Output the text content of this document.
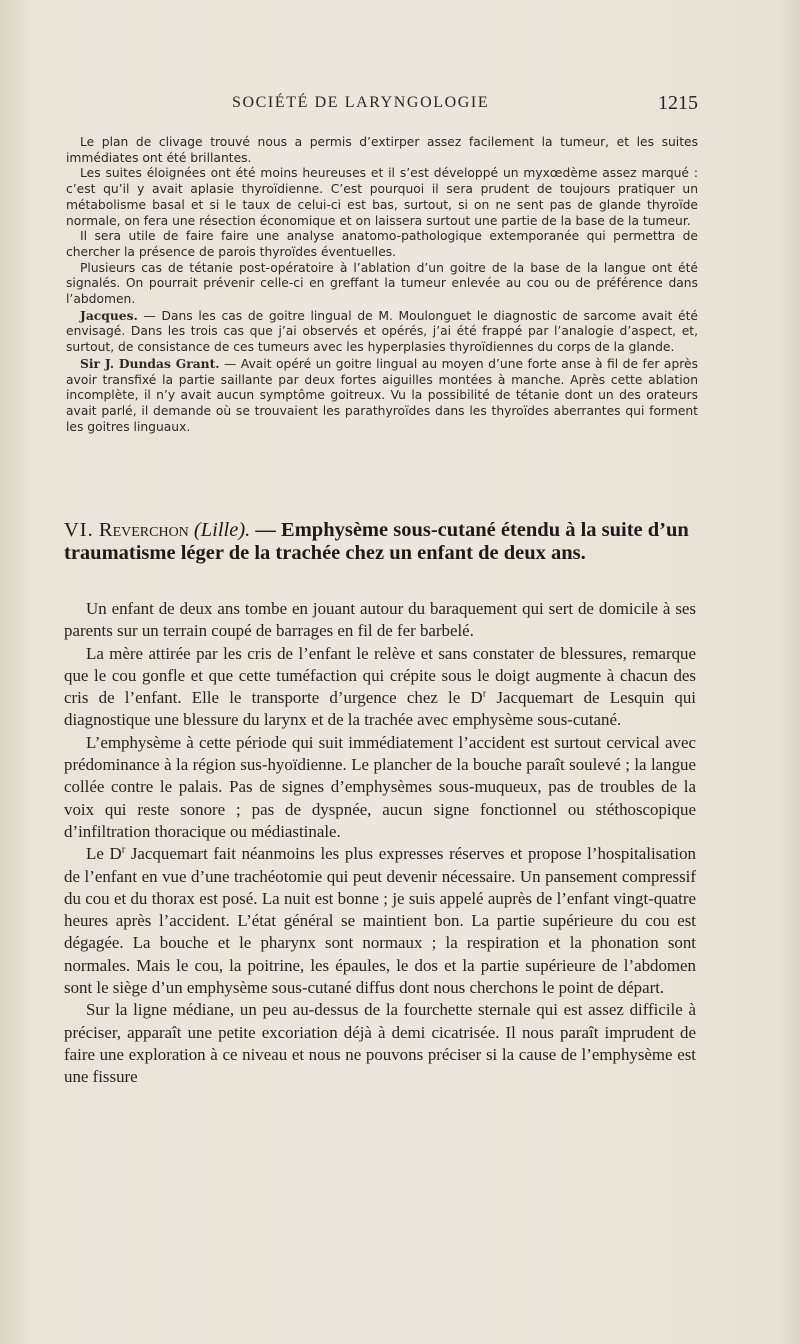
SOCIÉTÉ DE LARYNGOLOGIE	1215

Le plan de clivage trouvé nous a permis d’extirper assez facilement la tumeur, et les suites immédiates ont été brillantes.

Les suites éloignées ont été moins heureuses et il s’est développé un myxœdème assez marqué : c’est qu’il y avait aplasie thyroïdienne. C’est pourquoi il sera prudent de toujours pratiquer un métabolisme basal et si le taux de celui-ci est bas, surtout, si on ne sent pas de glande thyroïde normale, on fera une résection économique et on laissera surtout une partie de la base de la tumeur.

Il sera utile de faire faire une analyse anatomo-pathologique extemporanée qui permettra de chercher la présence de parois thyroïdes éventuelles.

Plusieurs cas de tétanie post-opératoire à l’ablation d’un goitre de la base de la langue ont été signalés. On pourrait prévenir celle-ci en greffant la tumeur enlevée au cou ou de préférence dans l’abdomen.

Jacques. — Dans les cas de goitre lingual de M. Moulonguet le diagnostic de sarcome avait été envisagé. Dans les trois cas que j’ai observés et opérés, j’ai été frappé par l’analogie d’aspect, et, surtout, de consistance de ces tumeurs avec les hyperplasies thyroïdiennes du corps de la glande.

Sir J. Dundas Grant. — Avait opéré un goitre lingual au moyen d’une forte anse à fil de fer après avoir transfixé la partie saillante par deux fortes aiguilles montées à manche. Après cette ablation incomplète, il n’y avait aucun symptôme goitreux. Vu la possibilité de tétanie dont un des orateurs avait parlé, il demande où se trouvaient les parathyroïdes dans les thyroïdes aberrantes qui forment les goitres linguaux.

VI. Reverchon (Lille). — Emphysème sous-cutané étendu à la suite d’un traumatisme léger de la trachée chez un enfant de deux ans.

Un enfant de deux ans tombe en jouant autour du baraquement qui sert de domicile à ses parents sur un terrain coupé de barrages en fil de fer barbelé.

La mère attirée par les cris de l’enfant le relève et sans constater de blessures, remarque que le cou gonfle et que cette tuméfaction qui crépite sous le doigt augmente à chacun des cris de l’enfant. Elle le transporte d’urgence chez le $D^r$ Jacquemart de Lesquin qui diagnostique une blessure du larynx et de la trachée avec emphysème sous-cutané.

L’emphysème à cette période qui suit immédiatement l’accident est surtout cervical avec prédominance à la région sus-hyoïdienne. Le plancher de la bouche paraît soulevé ; la langue collée contre le palais. Pas de signes d’emphysèmes sous-muqueux, pas de troubles de la voix qui reste sonore ; pas de dyspnée, aucun signe fonctionnel ou stéthoscopique d’infiltration thoracique ou médiastinale.

Le $D^r$ Jacquemart fait néanmoins les plus expresses réserves et propose l’hospitalisation de l’enfant en vue d’une trachéotomie qui peut devenir nécessaire. Un pansement compressif du cou et du thorax est posé. La nuit est bonne ; je suis appelé auprès de l’enfant vingt-quatre heures après l’accident. L’état général se maintient bon. La partie supérieure du cou est dégagée. La bouche et le pharynx sont normaux ; la respiration et la phonation sont normales. Mais le cou, la poitrine, les épaules, le dos et la partie supérieure de l’abdomen sont le siège d’un emphysème sous-cutané diffus dont nous cherchons le point de départ.

Sur la ligne médiane, un peu au-dessus de la fourchette sternale qui est assez difficile à préciser, apparaît une petite excoriation déjà à demi cicatrisée. Il nous paraît imprudent de faire une exploration à ce niveau et nous ne pouvons préciser si la cause de l’emphysème est une fissure
